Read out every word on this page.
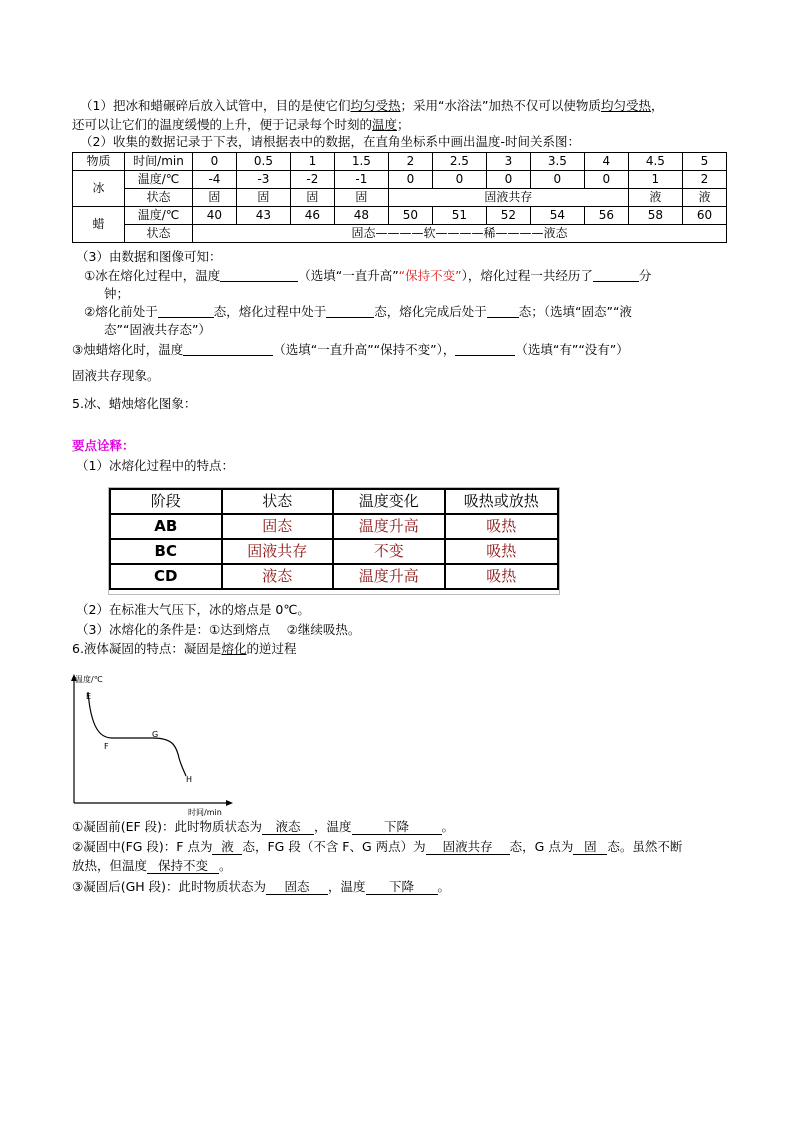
（1）把冰和蜡碾碎后放入试管中，目的是使它们均匀受热；采用“水浴法”加热不仅可以使物质均匀受热，
还可以让它们的温度缓慢的上升，便于记录每个时刻的温度；
（2）收集的数据记录于下表，请根据表中的数据，在直角坐标系中画出温度-时间关系图：
物质	时间/min	0	0.5	1	1.5	2	2.5	3	3.5	4	4.5	5
冰	温度/℃	-4	-3	-2	-1	0	0	0	0	0	1	2
	状态	固	固	固	固	固液共存					液	液
蜡	温度/℃	40	43	46	48	50	51	52	54	56	58	60
	状态	固态————软————稀————液态										
（3）由数据和图像可知：
①冰在熔化过程中，温度	（选填“一直升高”“保持不变”），熔化过程一共经历了	分
钟；
②熔化前处于	态，熔化过程中处于	态，熔化完成后处于	态；（选填“固态”“液
态”“固液共存态”）
③烛蜡熔化时，温度	（选填“一直升高”“保持不变”），	（选填“有”“没有”）
固液共存现象。
5.冰、蜡烛熔化图象：
要点诠释：
（1）冰熔化过程中的特点：
阶段	状态	温度变化	吸热或放热
AB	固态	温度升高	吸热
BC	固液共存	不变	吸热
CD	液态	温度升高	吸热
（2）在标准大气压下，冰的熔点是 0℃。
（3）冰熔化的条件是：①达到熔点　 ②继续吸热。
6.液体凝固的特点：凝固是熔化的逆过程
温度/℃
时间/min
E
F
G
H
①凝固前(EF 段)：此时物质状态为 液态 ，温度	下降	。
②凝固中(FG 段)：F 点为 液 态，FG 段（不含 F、G 两点）为 固液共存 态，G 点为 固 态。虽然不断
放热，但温度 保持不变 。
③凝固后(GH 段)：此时物质状态为 固态 ，温度 下降 。
